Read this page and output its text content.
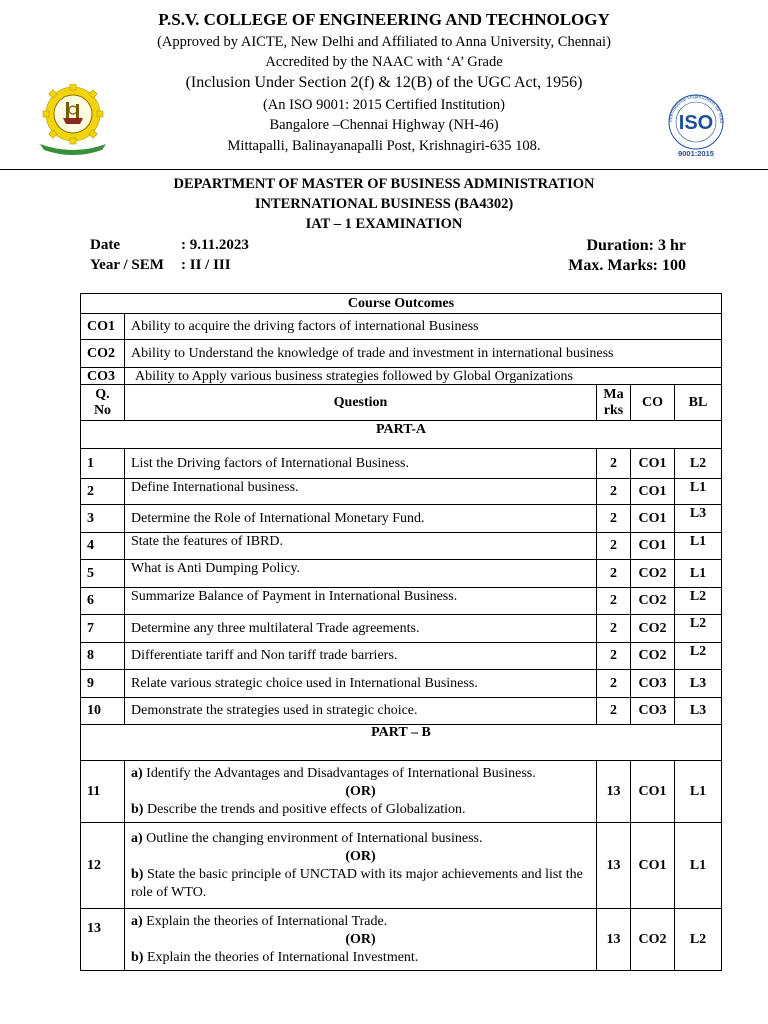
P.S.V. COLLEGE OF ENGINEERING AND TECHNOLOGY
(Approved by AICTE, New Delhi and Affiliated to Anna University, Chennai)
Accredited by the NAAC with ‘A’ Grade
(Inclusion Under Section 2(f) & 12(B) of the UGC Act, 1956)
(An ISO 9001: 2015 Certified Institution)
Bangalore –Chennai Highway (NH-46)
Mittapalli, Balinayanapalli Post, Krishnagiri-635 108.
International Organization for Stan
ISO
9001:2015
DEPARTMENT OF MASTER OF BUSINESS ADMINISTRATION
INTERNATIONAL BUSINESS (BA4302)
IAT – 1 EXAMINATION
Date	: 9.11.2023
Year / SEM : II / III
Duration: 3 hr
Max. Marks: 100
Course Outcomes				
CO1	Ability to acquire the driving factors of international Business			
CO2	Ability to Understand the knowledge of trade and investment in international business			
CO3	Ability to Apply various business strategies followed by Global Organizations			
Q. No	Question	Ma rks	CO	BL
PART-A				
1	List the Driving factors of International Business.	2	CO1	L2
2	Define International business.	2	CO1	L1
3	Determine the Role of International Monetary Fund.	2	CO1	L3
4	State the features of IBRD.	2	CO1	L1
5	What is Anti Dumping Policy.	2	CO2	L1
6	Summarize Balance of Payment in International Business.	2	CO2	L2
7	Determine any three multilateral Trade agreements.	2	CO2	L2
8	Differentiate tariff and Non tariff trade barriers.	2	CO2	L2
9	Relate various strategic choice used in International Business.	2	CO3	L3
10	Demonstrate the strategies used in strategic choice.	2	CO3	L3
PART – B				
11	a) Identify the Advantages and Disadvantages of International Business.
(OR)
b) Describe the trends and positive effects of Globalization.	13	CO1	L1
12	a) Outline the changing environment of International business.
(OR)
b) State the basic principle of UNCTAD with its major achievements and list the role of WTO.	13	CO1	L1
13	a) Explain the theories of International Trade.
(OR)
b) Explain the theories of International Investment.	13	CO2	L2
